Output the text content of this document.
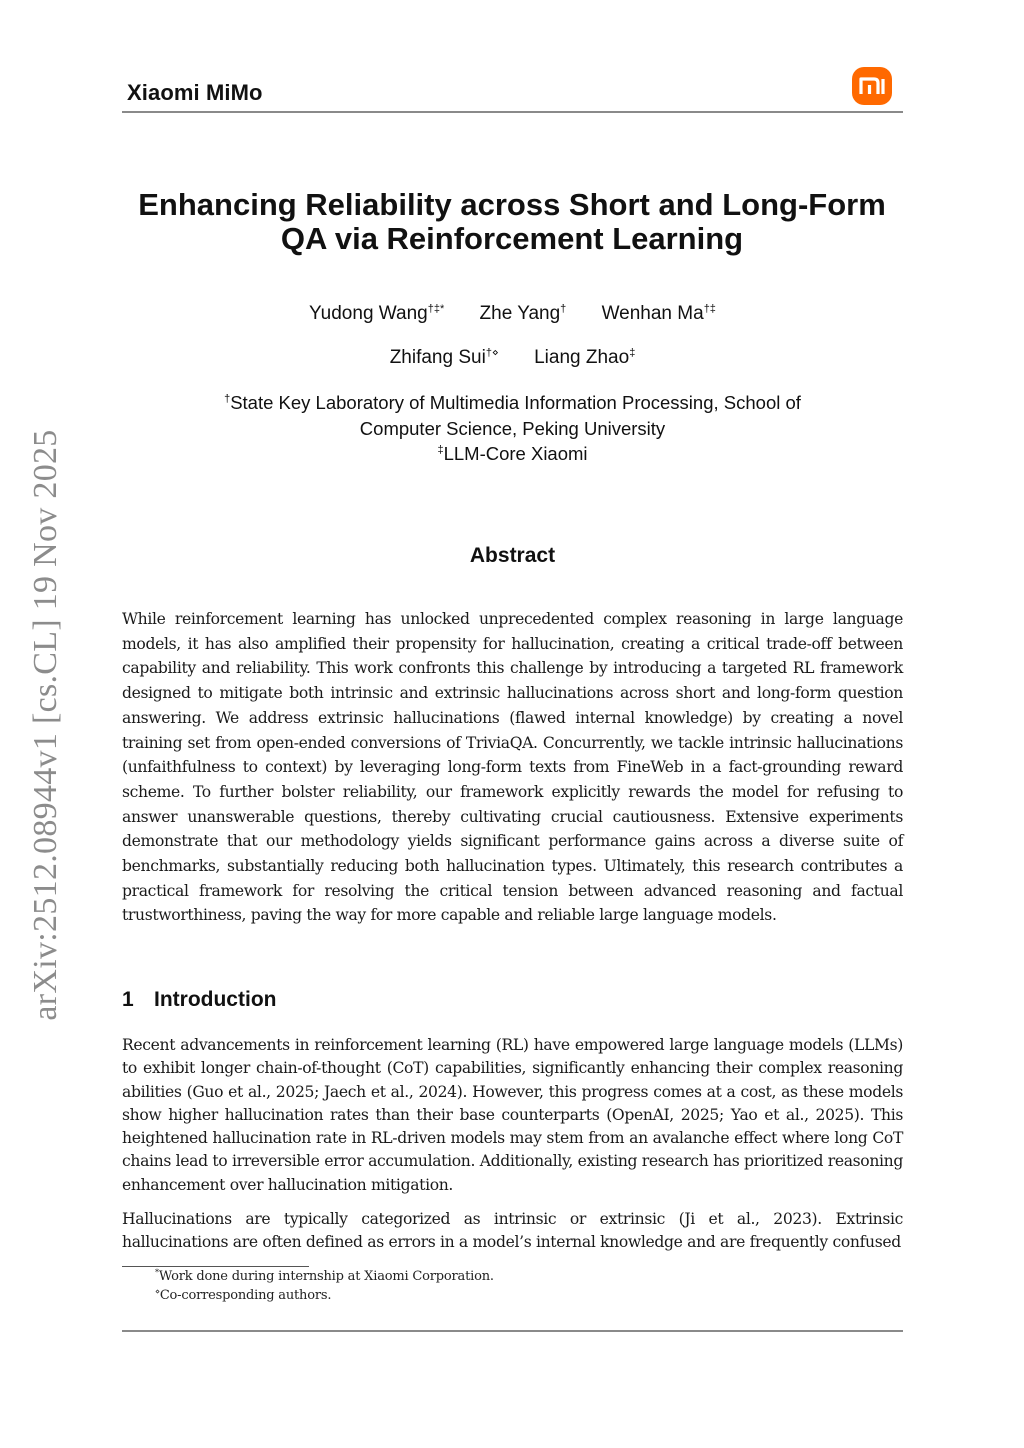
Xiaomi MiMo
arXiv:2512.08944v1 [cs.CL] 19 Nov 2025
Enhancing Reliability across Short and Long-Form
QA via Reinforcement Learning
Yudong Wang†‡* Zhe Yang† Wenhan Ma†‡
Zhifang Sui†⋄ Liang Zhao‡
†State Key Laboratory of Multimedia Information Processing, School of
Computer Science, Peking University
‡LLM-Core Xiaomi
Abstract

While reinforcement learning has unlocked unprecedented complex reasoning in large language models, it has also amplified their propensity for hallucination, creating a critical trade-off between capability and reliability. This work confronts this challenge by introducing a targeted RL framework designed to mitigate both intrinsic and extrinsic hallucinations across short and long-form question answering. We address extrinsic hallucinations (flawed internal knowledge) by creating a novel training set from open-ended conversions of TriviaQA. Concurrently, we tackle intrinsic hallucinations (unfaithfulness to context) by leveraging long-form texts from FineWeb in a fact-grounding reward scheme. To further bolster reliability, our framework explicitly rewards the model for refusing to answer unanswerable questions, thereby cultivating crucial cautiousness. Extensive experiments demonstrate that our methodology yields significant performance gains across a diverse suite of benchmarks, substantially reducing both hallucination types. Ultimately, this research contributes a practical framework for resolving the critical tension between advanced reasoning and factual trustworthiness, paving the way for more capable and reliable large language models.

1 Introduction

Recent advancements in reinforcement learning (RL) have empowered large language models (LLMs) to exhibit longer chain-of-thought (CoT) capabilities, significantly enhancing their complex reasoning abilities (Guo et al., 2025; Jaech et al., 2024). However, this progress comes at a cost, as these models show higher hallucination rates than their base counterparts (OpenAI, 2025; Yao et al., 2025). This heightened hallucination rate in RL-driven models may stem from an avalanche effect where long CoT chains lead to irreversible error accumulation. Additionally, existing research has prioritized reasoning enhancement over hallucination mitigation.

Hallucinations are typically categorized as intrinsic or extrinsic (Ji et al., 2023). Extrinsic hallucinations are often defined as errors in a model’s internal knowledge and are frequently confused

*Work done during internship at Xiaomi Corporation.
⋄Co-corresponding authors.
